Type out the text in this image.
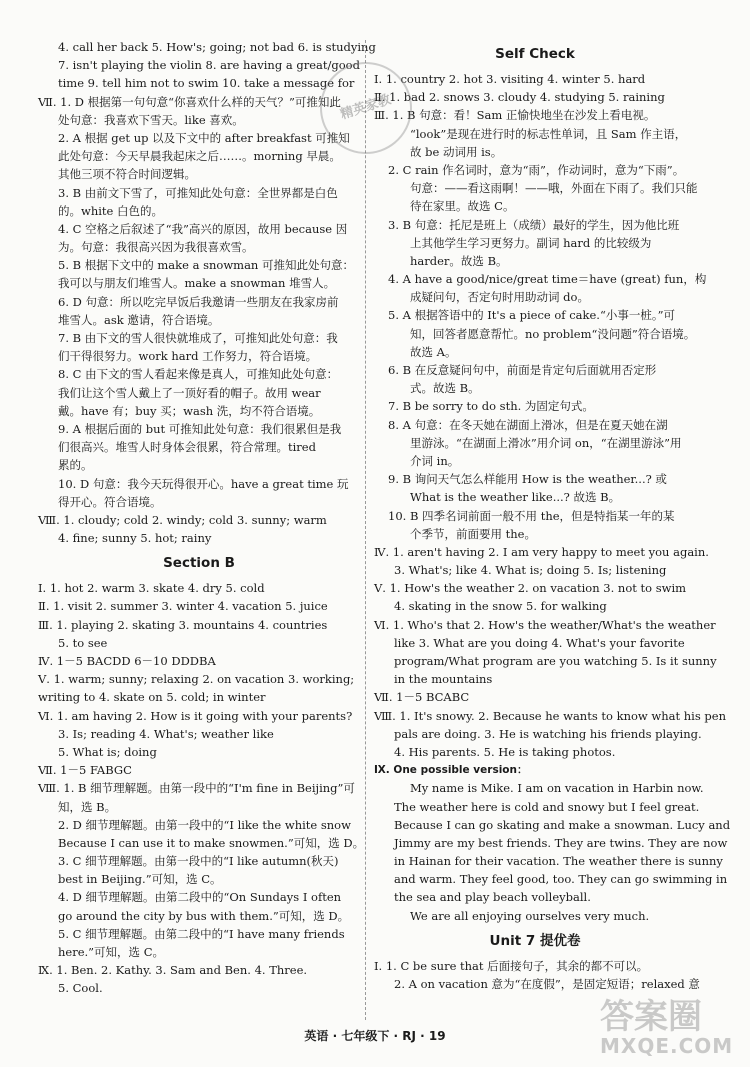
4. call her back 5. How's; going; not bad 6. is studying
7. isn't playing the violin 8. are having a great/good
time 9. tell him not to swim 10. take a message for
Ⅶ. 1. D 根据第一句句意“你喜欢什么样的天气？”可推知此
处句意：我喜欢下雪天。like 喜欢。
2. A 根据 get up 以及下文中的 after breakfast 可推知
此处句意：今天早晨我起床之后……。morning 早晨。
其他三项不符合时间逻辑。
3. B 由前文下雪了，可推知此处句意：全世界都是白色
的。white 白色的。
4. C 空格之后叙述了“我”高兴的原因，故用 because 因
为。句意：我很高兴因为我很喜欢雪。
5. B 根据下文中的 make a snowman 可推知此处句意：
我可以与朋友们堆雪人。make a snowman 堆雪人。
6. D 句意：所以吃完早饭后我邀请一些朋友在我家房前
堆雪人。ask 邀请，符合语境。
7. B 由下文的雪人很快就堆成了，可推知此处句意：我
们干得很努力。work hard 工作努力，符合语境。
8. C 由下文的雪人看起来像是真人，可推知此处句意：
我们让这个雪人戴上了一顶好看的帽子。故用 wear
戴。have 有；buy 买；wash 洗，均不符合语境。
9. A 根据后面的 but 可推知此处句意：我们很累但是我
们很高兴。堆雪人时身体会很累，符合常理。tired
累的。
10. D 句意：我今天玩得很开心。have a great time 玩
得开心。符合语境。
Ⅷ. 1. cloudy; cold 2. windy; cold 3. sunny; warm
4. fine; sunny 5. hot; rainy
Section B
Ⅰ. 1. hot 2. warm 3. skate 4. dry 5. cold
Ⅱ. 1. visit 2. summer 3. winter 4. vacation 5. juice
Ⅲ. 1. playing 2. skating 3. mountains 4. countries
5. to see
Ⅳ. 1－5 BACDD 6－10 DDDBA
Ⅴ. 1. warm; sunny; relaxing 2. on vacation 3. working;
writing to 4. skate on 5. cold; in winter
Ⅵ. 1. am having 2. How is it going with your parents?
3. Is; reading 4. What's; weather like
5. What is; doing
Ⅶ. 1－5 FABGC
Ⅷ. 1. B 细节理解题。由第一段中的“I'm fine in Beijing”可
知，选 B。
2. D 细节理解题。由第一段中的“I like the white snow
Because I can use it to make snowmen.”可知，选 D。
3. C 细节理解题。由第一段中的“I like autumn(秋天)
best in Beijing.”可知，选 C。
4. D 细节理解题。由第二段中的“On Sundays I often
go around the city by bus with them.”可知，选 D。
5. C 细节理解题。由第二段中的“I have many friends
here.”可知，选 C。
Ⅸ. 1. Ben. 2. Kathy. 3. Sam and Ben. 4. Three.
5. Cool.
Self Check
Ⅰ. 1. country 2. hot 3. visiting 4. winter 5. hard
Ⅱ. 1. bad 2. snows 3. cloudy 4. studying 5. raining
Ⅲ. 1. B 句意：看！Sam 正愉快地坐在沙发上看电视。
“look”是现在进行时的标志性单词，且 Sam 作主语，
故 be 动词用 is。
2. C rain 作名词时，意为“雨”，作动词时，意为“下雨”。
句意：——看这雨啊！——哦，外面在下雨了。我们只能
待在家里。故选 C。
3. B 句意：托尼是班上（成绩）最好的学生，因为他比班
上其他学生学习更努力。副词 hard 的比较级为
harder。故选 B。
4. A have a good/nice/great time＝have (great) fun，构
成疑问句，否定句时用助动词 do。
5. A 根据答语中的 It's a piece of cake.“小事一桩。”可
知，回答者愿意帮忙。no problem“没问题”符合语境。
故选 A。
6. B 在反意疑问句中，前面是肯定句后面就用否定形
式。故选 B。
7. B be sorry to do sth. 为固定句式。
8. A 句意：在冬天她在湖面上滑冰，但是在夏天她在湖
里游泳。“在湖面上滑冰”用介词 on，“在湖里游泳”用
介词 in。
9. B 询问天气怎么样能用 How is the weather...? 或
What is the weather like...? 故选 B。
10. B 四季名词前面一般不用 the，但是特指某一年的某
个季节，前面要用 the。
Ⅳ. 1. aren't having 2. I am very happy to meet you again.
3. What's; like 4. What is; doing 5. Is; listening
Ⅴ. 1. How's the weather 2. on vacation 3. not to swim
4. skating in the snow 5. for walking
Ⅵ. 1. Who's that 2. How's the weather/What's the weather
like 3. What are you doing 4. What's your favorite
program/What program are you watching 5. Is it sunny
in the mountains
Ⅶ. 1－5 BCABC
Ⅷ. 1. It's snowy. 2. Because he wants to know what his pen
pals are doing. 3. He is watching his friends playing.
4. His parents. 5. He is taking photos.
Ⅸ. One possible version：
My name is Mike. I am on vacation in Harbin now.
The weather here is cold and snowy but I feel great.
Because I can go skating and make a snowman. Lucy and
Jimmy are my best friends. They are twins. They are now
in Hainan for their vacation. The weather there is sunny
and warm. They feel good, too. They can go swimming in
the sea and play beach volleyball.
We are all enjoying ourselves very much.
Unit 7 提优卷
Ⅰ. 1. C be sure that 后面接句子，其余的都不可以。
2. A on vacation 意为“在度假”，是固定短语；relaxed 意
精英家教
英语 · 七年级下 · RJ · 19	答案圈
MXQE.COM
